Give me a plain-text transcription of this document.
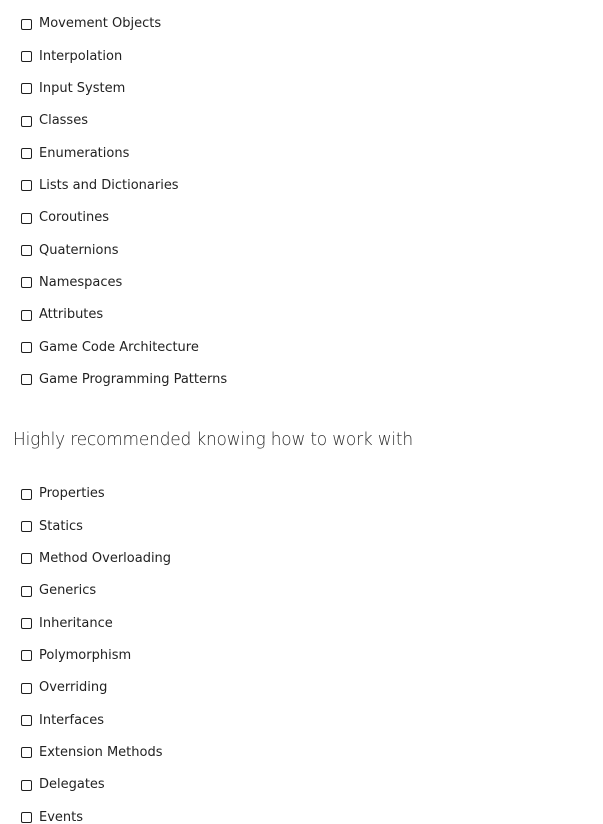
Movement Objects
Interpolation
Input System
Classes
Enumerations
Lists and Dictionaries
Coroutines
Quaternions
Namespaces
Attributes
Game Code Architecture
Game Programming Patterns
Highly recommended knowing how to work with
Properties
Statics
Method Overloading
Generics
Inheritance
Polymorphism
Overriding
Interfaces
Extension Methods
Delegates
Events
